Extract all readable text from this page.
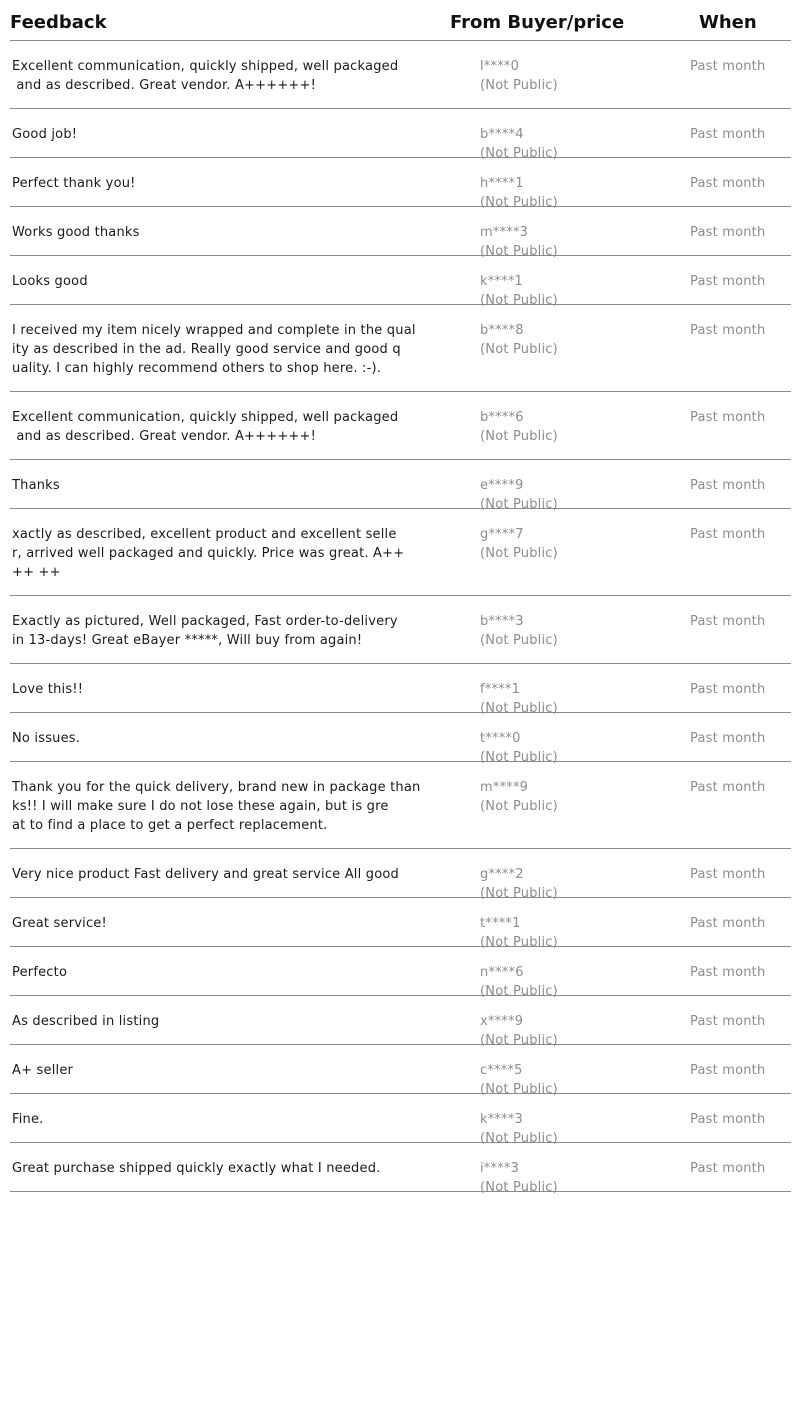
Feedback	From Buyer/price	When
Excellent communication, quickly shipped, well packaged
and as described. Great vendor. A++++++!
l****0
(Not Public)
Past month
Good job!	b****4
(Not Public)
Past month
Perfect thank you!	h****1
(Not Public)
Past month
Works good thanks	m****3
(Not Public)
Past month
Looks good	k****1
(Not Public)
Past month
I received my item nicely wrapped and complete in the qual
ity as described in the ad. Really good service and good q
uality. I can highly recommend others to shop here. :-).
b****8
(Not Public)
Past month
Excellent communication, quickly shipped, well packaged
and as described. Great vendor. A++++++!
b****6
(Not Public)
Past month
Thanks	e****9
(Not Public)
Past month
xactly as described, excellent product and excellent selle
r, arrived well packaged and quickly. Price was great. A++
++ ++
g****7
(Not Public)
Past month
Exactly as pictured, Well packaged, Fast order-to-delivery
in 13-days! Great eBayer *****, Will buy from again!
b****3
(Not Public)
Past month
Love this!!	f****1
(Not Public)
Past month
No issues.	t****0
(Not Public)
Past month
Thank you for the quick delivery, brand new in package than
ks!! I will make sure I do not lose these again, but is gre
at to find a place to get a perfect replacement.
m****9
(Not Public)
Past month
Very nice product Fast delivery and great service All good	g****2
(Not Public)
Past month
Great service!	t****1
(Not Public)
Past month
Perfecto	n****6
(Not Public)
Past month
As described in listing	x****9
(Not Public)
Past month
A+ seller	c****5
(Not Public)
Past month
Fine.	k****3
(Not Public)
Past month
Great purchase shipped quickly exactly what I needed.	i****3
(Not Public)
Past month
